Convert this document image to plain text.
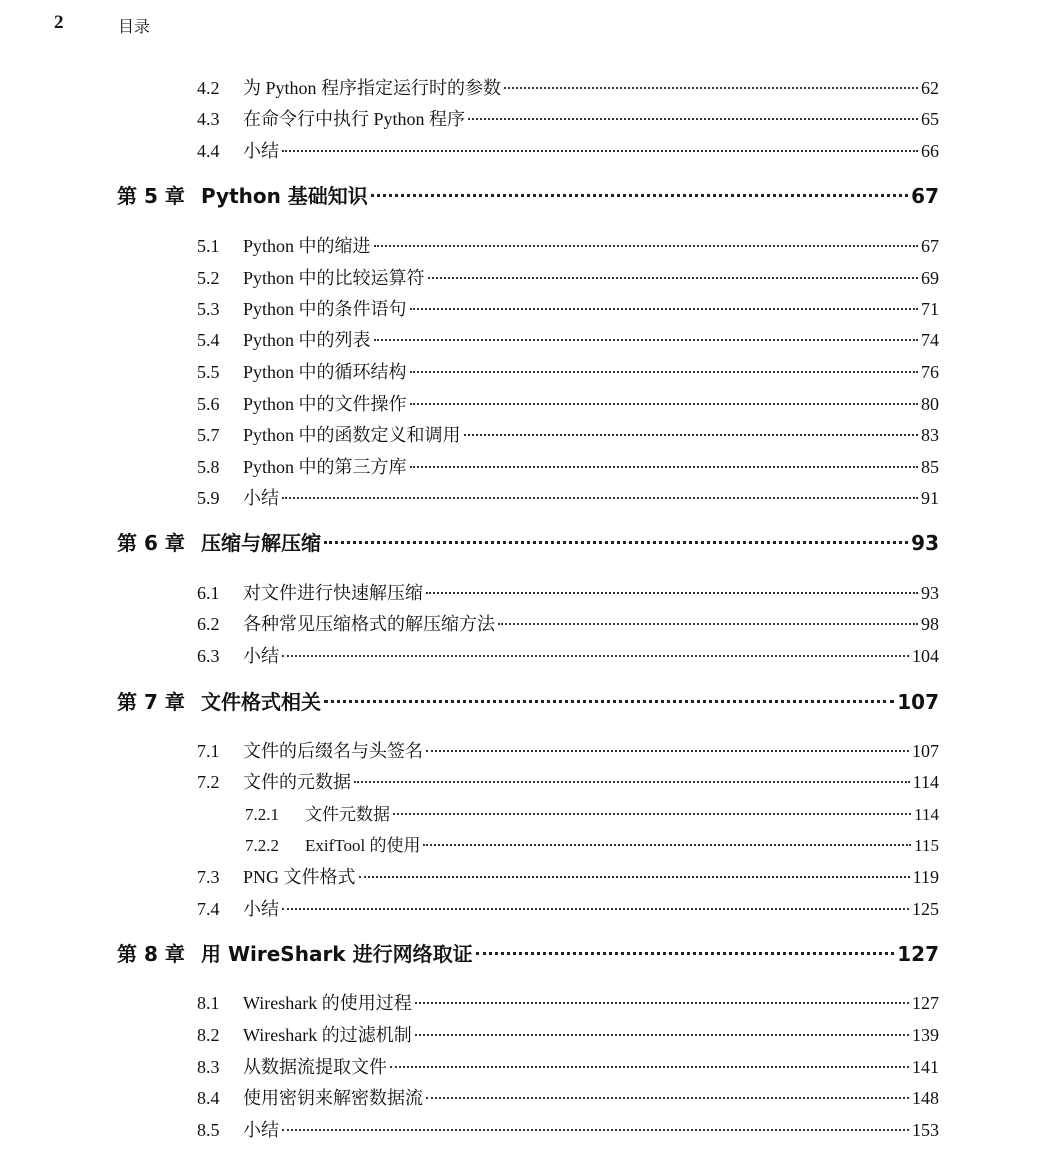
2	目录
4.2	为 Python 程序指定运行时的参数	62
4.3	在命令行中执行 Python 程序	65
4.4	小结	66
第 5 章 Python 基础知识	67
5.1	Python 中的缩进	67
5.2	Python 中的比较运算符	69
5.3	Python 中的条件语句	71
5.4	Python 中的列表	74
5.5	Python 中的循环结构	76
5.6	Python 中的文件操作	80
5.7	Python 中的函数定义和调用	83
5.8	Python 中的第三方库	85
5.9	小结	91
第 6 章 压缩与解压缩	93
6.1	对文件进行快速解压缩	93
6.2	各种常见压缩格式的解压缩方法	98
6.3	小结	104
第 7 章 文件格式相关	107
7.1	文件的后缀名与头签名	107
7.2	文件的元数据	114
7.2.1	文件元数据	114
7.2.2	ExifTool 的使用	115
7.3	PNG 文件格式	119
7.4	小结	125
第 8 章 用 WireShark 进行网络取证	127
8.1	Wireshark 的使用过程	127
8.2	Wireshark 的过滤机制	139
8.3	从数据流提取文件	141
8.4	使用密钥来解密数据流	148
8.5	小结	153
